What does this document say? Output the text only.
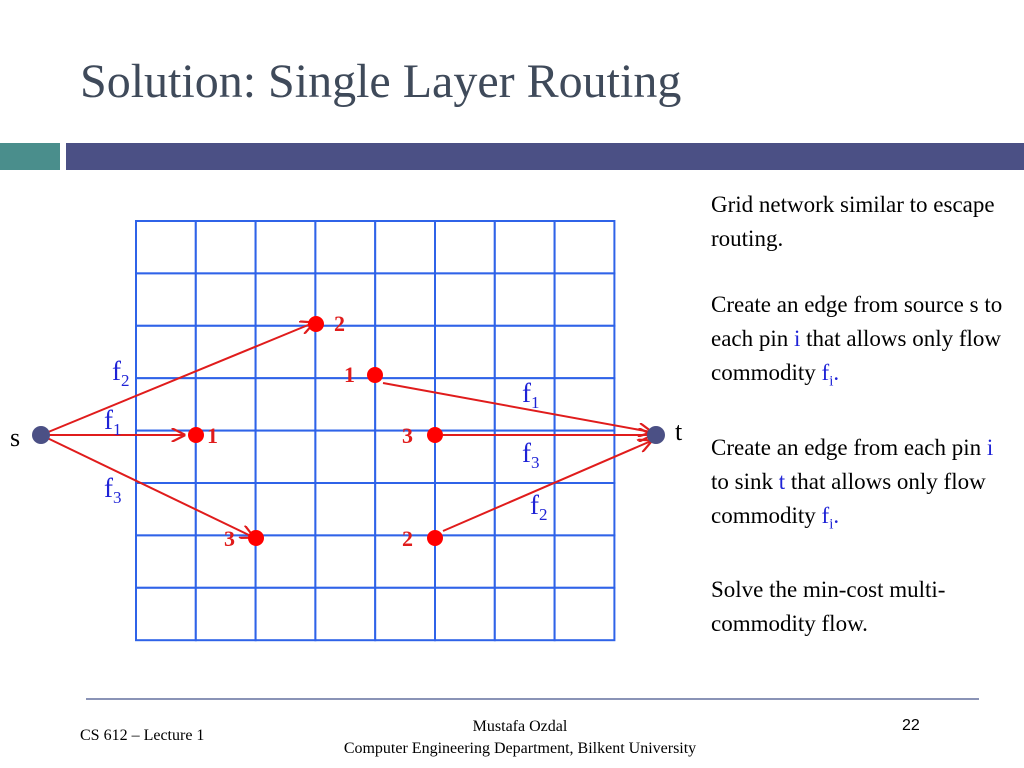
Solution: Single Layer Routing
s	t
2
1
1	3
3	2
$f_2$
$f_1$
$f_3$
$f_1$
$f_3$
$f_2$

Grid network similar to escape routing.

Create an edge from source s to each pin i that allows only flow commodity $f_i$.

Create an edge from each pin i to sink t that allows only flow commodity $f_i$.

Solve the min-cost multi-commodity flow.

CS 612 – Lecture 1
Mustafa Ozdal
Computer Engineering Department, Bilkent University
22
